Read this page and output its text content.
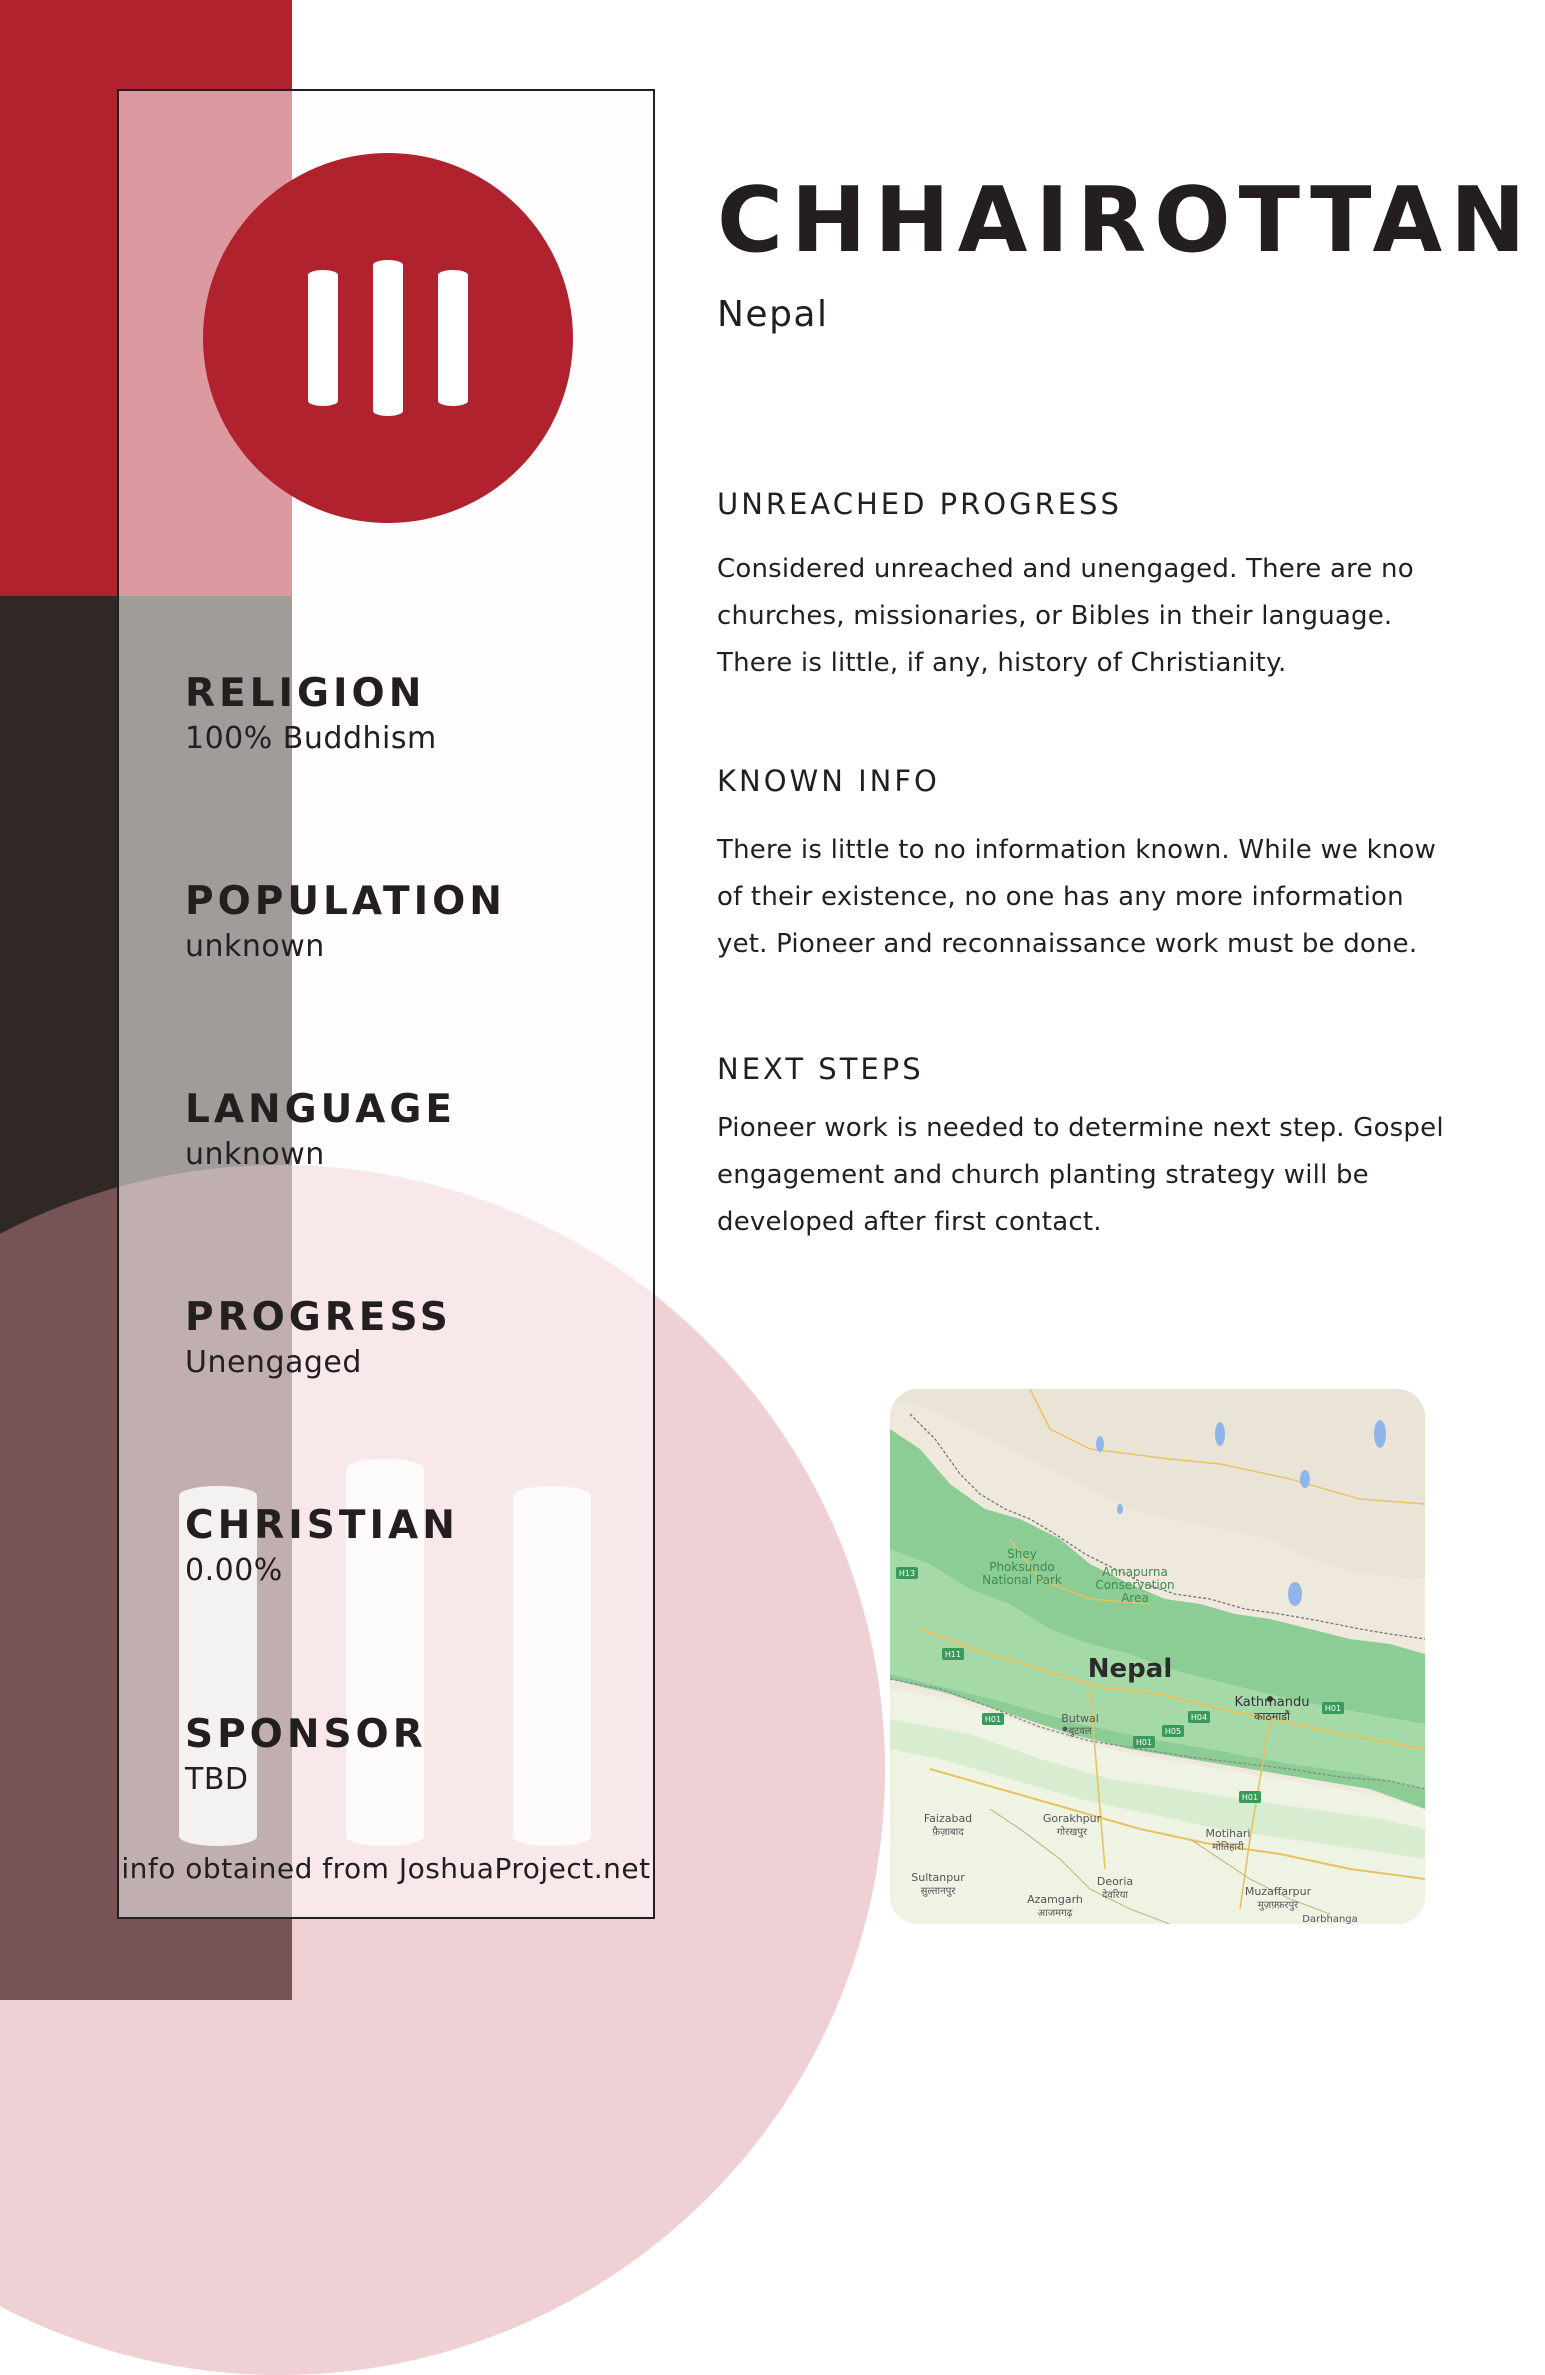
RELIGION
100% Buddhism
POPULATION
unknown
LANGUAGE
unknown
PROGRESS
Unengaged
CHRISTIAN
0.00%
SPONSOR
TBD
info obtained from JoshuaProject.net
CHHAIROTTAN
Nepal
UNREACHED PROGRESS
Considered unreached and unengaged. There are no
churches, missionaries, or Bibles in their language.
There is little, if any, history of Christianity.
KNOWN INFO
There is little to no information known. While we know
of their existence, no one has any more information
yet. Pioneer and reconnaissance work must be done.
NEXT STEPS
Pioneer work is needed to determine next step. Gospel
engagement and church planting strategy will be
developed after first contact.
Shey
Phoksundo
National Park
Annapurna
Conservation
Area
Nepal
Kathmandu
काठमाडौं
Butwal
बुटवल
Faizabad
फ़ैज़ाबाद
Gorakhpur
गोरखपुर	Motihari
मोतिहारी
Sultanpur
सुल्तानपुर
Deoria
देवरिया
Azamgarh
आजमगढ़
Muzaffarpur
मुज़फ़्फ़रपुर
Darbhanga
H13
H11
H01
H01
H05
H04
H01
H01
